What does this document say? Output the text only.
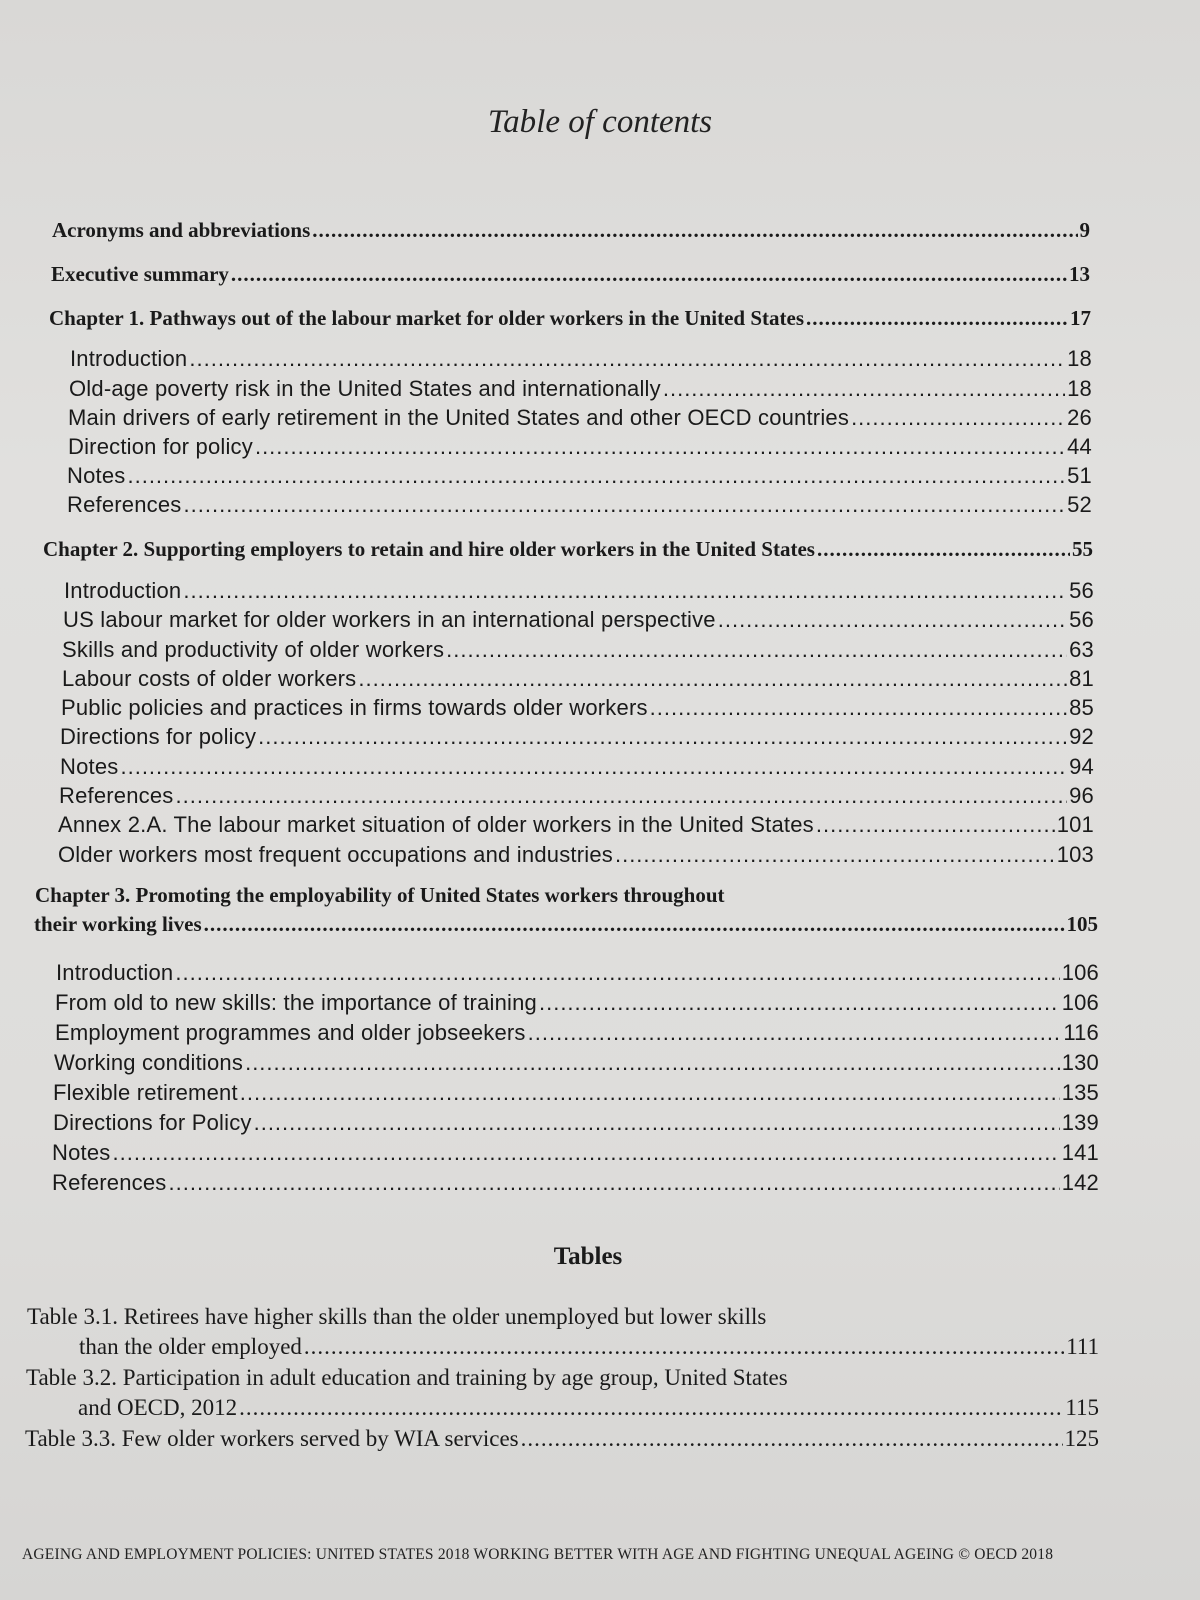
Table of contents
Acronyms and abbreviations .....	9
Executive summary .....	13
Chapter 1. Pathways out of the labour market for older workers in the United States .....	17
Introduction .....	18
Old-age poverty risk in the United States and internationally .....	18
Main drivers of early retirement in the United States and other OECD countries .....	26
Direction for policy .....	44
Notes .....	51
References .....	52
Chapter 2. Supporting employers to retain and hire older workers in the United States .....	55
Introduction .....	56
US labour market for older workers in an international perspective .....	56
Skills and productivity of older workers .....	63
Labour costs of older workers .....	81
Public policies and practices in firms towards older workers .....	85
Directions for policy .....	92
Notes .....	94
References .....	96
Annex 2.A. The labour market situation of older workers in the United States .....	101
Older workers most frequent occupations and industries .....	103
Chapter 3. Promoting the employability of United States workers throughout
their working lives .....	105
Introduction .....	106
From old to new skills: the importance of training .....	106
Employment programmes and older jobseekers .....	116
Working conditions .....	130
Flexible retirement .....	135
Directions for Policy .....	139
Notes .....	141
References .....	142
Tables
Table 3.1. Retirees have higher skills than the older unemployed but lower skills
than the older employed .....	111
Table 3.2. Participation in adult education and training by age group, United States
and OECD, 2012 .....	115
Table 3.3. Few older workers served by WIA services .....	125
AGEING AND EMPLOYMENT POLICIES: UNITED STATES 2018 WORKING BETTER WITH AGE AND FIGHTING UNEQUAL AGEING © OECD 2018
